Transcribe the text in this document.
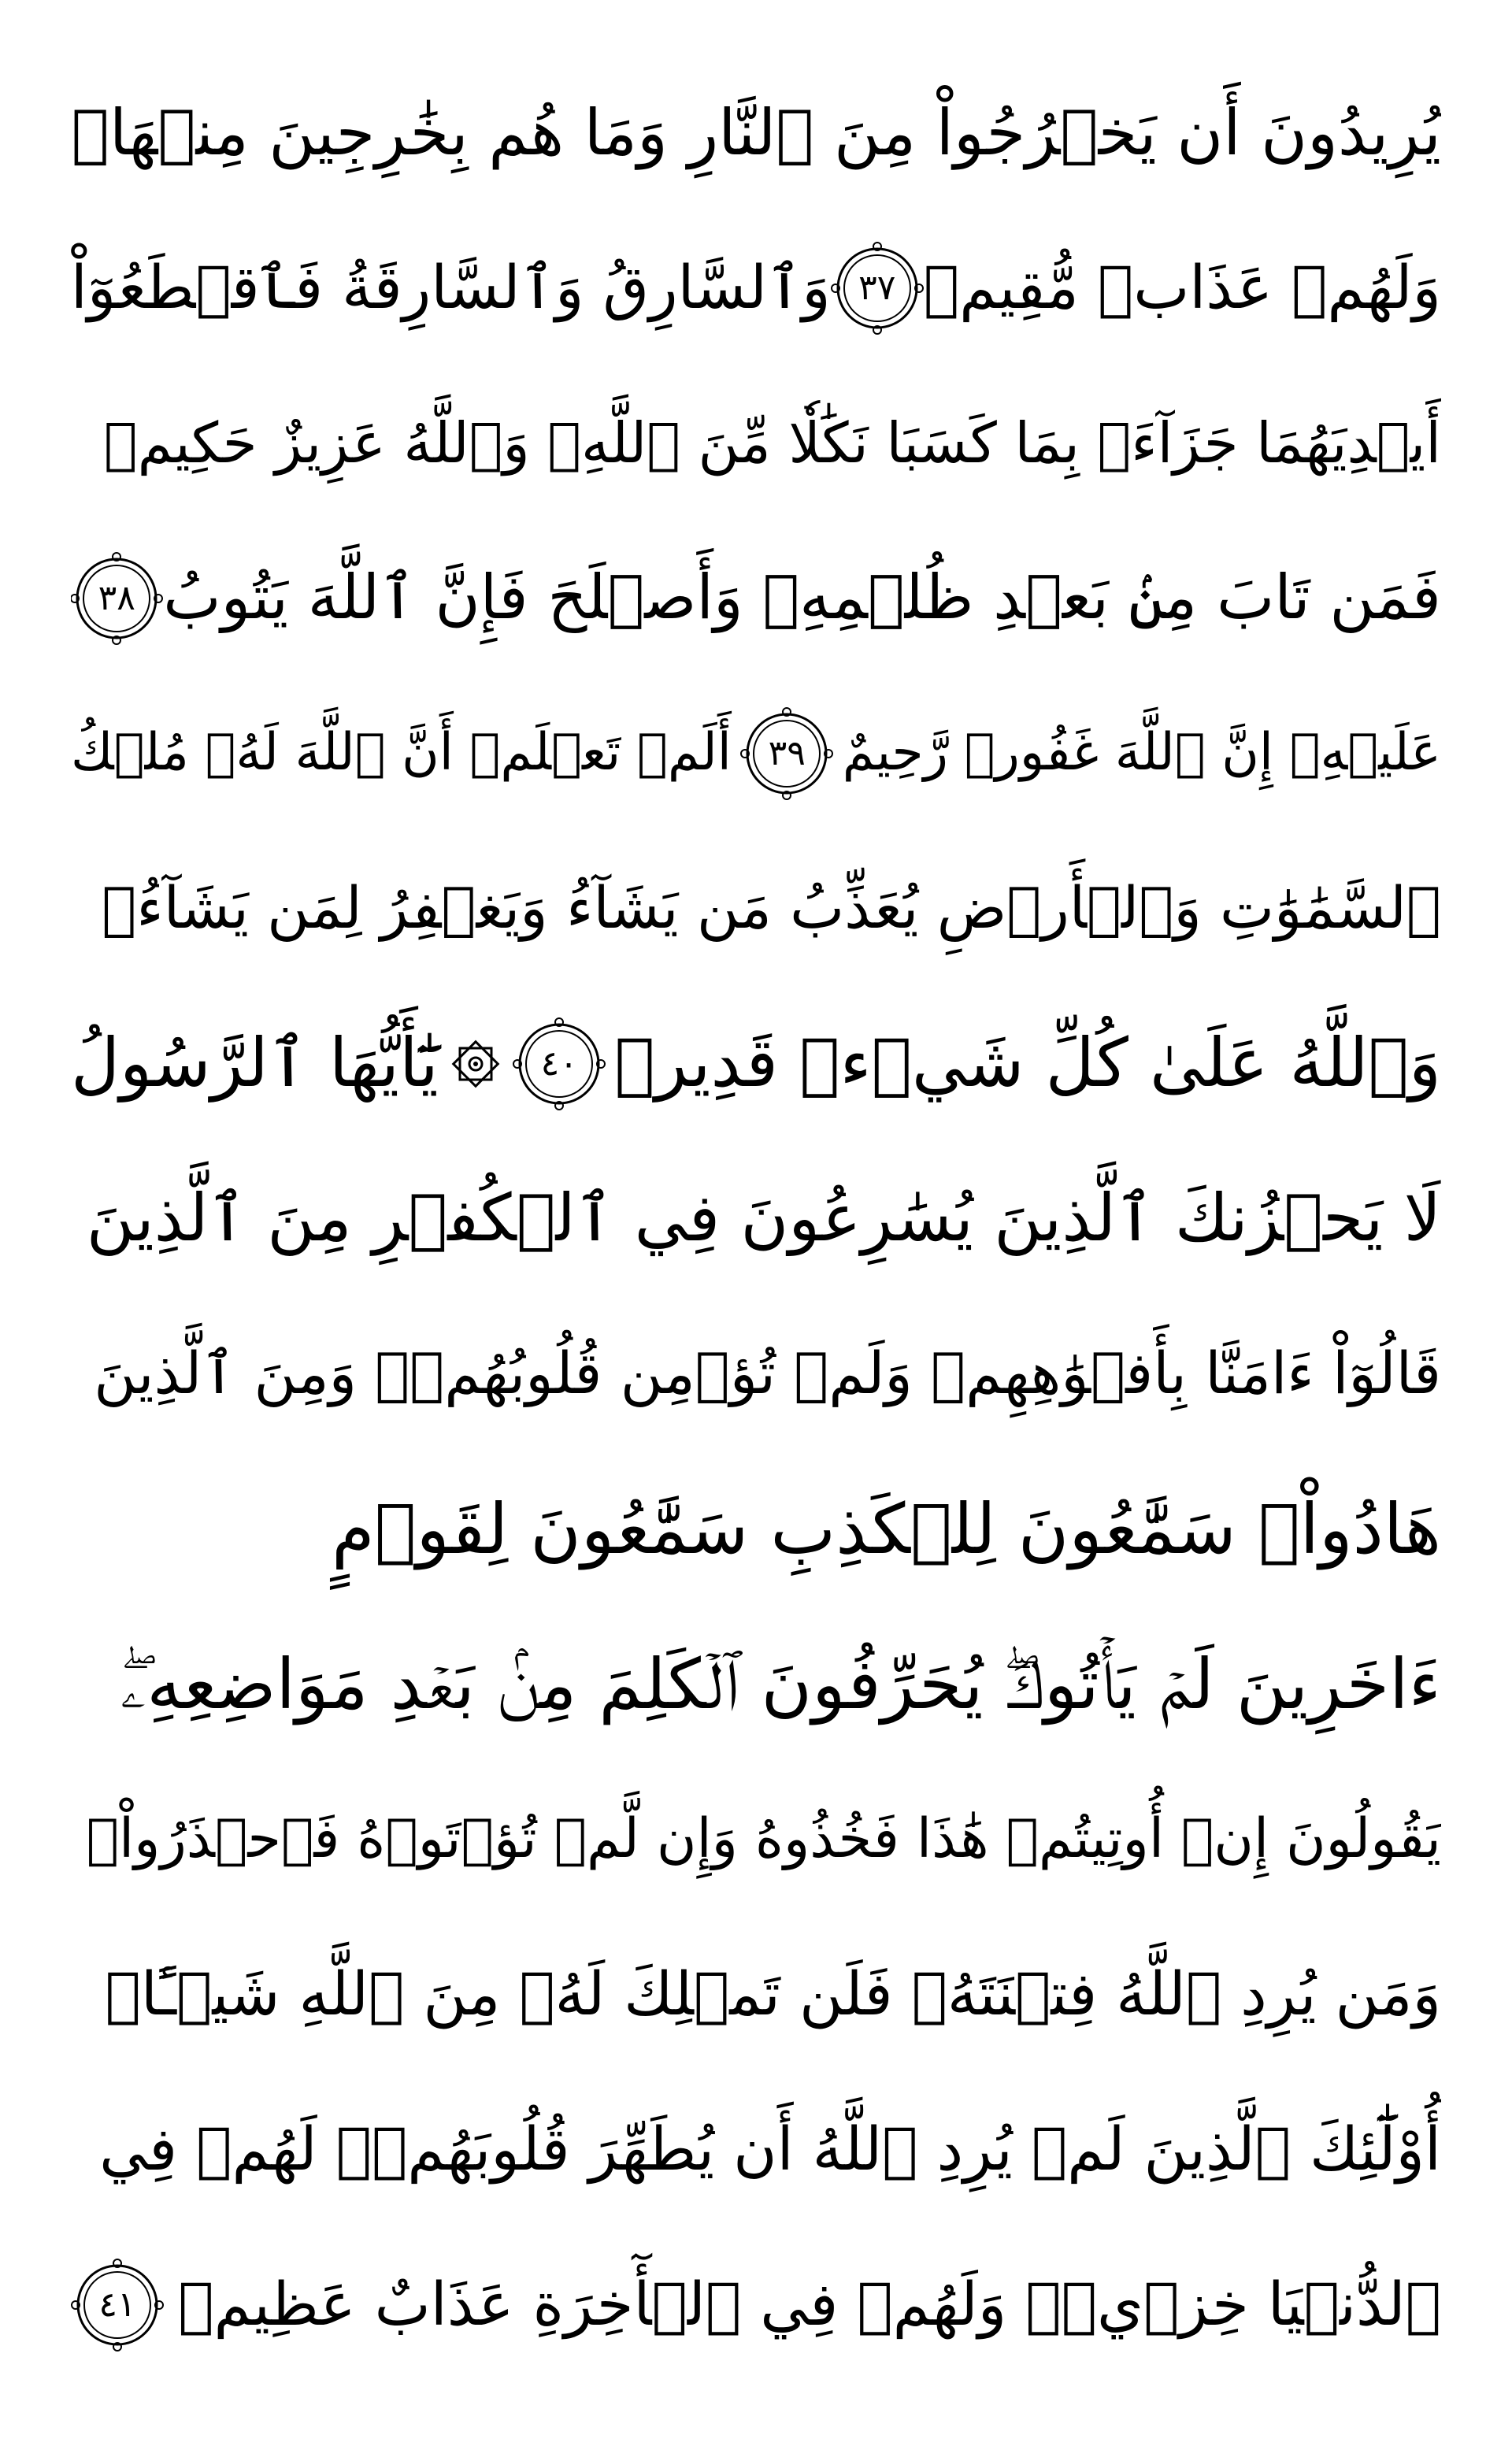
يُرِيدُونَ أَن يَخۡرُجُواْ مِنَ ٱلنَّارِ وَمَا هُم بِخَٰرِجِينَ مِنۡهَاۖ
وَلَهُمۡ عَذَابٞ مُّقِيمٞ
٣٧
وَٱلسَّارِقُ وَٱلسَّارِقَةُ فَٱقۡطَعُوٓاْ
أَيۡدِيَهُمَا جَزَآءَۢ بِمَا كَسَبَا نَكَٰلٗا مِّنَ ٱللَّهِۗ وَٱللَّهُ عَزِيزٌ حَكِيمٞ
فَمَن تَابَ مِنۢ بَعۡدِ ظُلۡمِهِۦ وَأَصۡلَحَ فَإِنَّ ٱللَّهَ يَتُوبُ
٣٨
عَلَيۡهِۗ إِنَّ ٱللَّهَ غَفُورٞ رَّحِيمٌ
٣٩
أَلَمۡ تَعۡلَمۡ أَنَّ ٱللَّهَ لَهُۥ مُلۡكُ
ٱلسَّمَٰوَٰتِ وَٱلۡأَرۡضِ يُعَذِّبُ مَن يَشَآءُ وَيَغۡفِرُ لِمَن يَشَآءُۗ
وَٱللَّهُ عَلَىٰ كُلِّ شَيۡءٖ قَدِيرٞ
٤٠
يَٰٓأَيُّهَا ٱلرَّسُولُ
لَا يَحۡزُنكَ ٱلَّذِينَ يُسَٰرِعُونَ فِي ٱلۡكُفۡرِ مِنَ ٱلَّذِينَ
قَالُوٓاْ ءَامَنَّا بِأَفۡوَٰهِهِمۡ وَلَمۡ تُؤۡمِن قُلُوبُهُمۡۛ وَمِنَ ٱلَّذِينَ
هَادُواْۛ سَمَّٰعُونَ لِلۡكَذِبِ سَمَّٰعُونَ لِقَوۡمٍ
ءَاخَرِينَ لَمۡ يَأۡتُوكَۖ يُحَرِّفُونَ ٱلۡكَلِمَ مِنۢ بَعۡدِ مَوَاضِعِهِۦۖ
يَقُولُونَ إِنۡ أُوتِيتُمۡ هَٰذَا فَخُذُوهُ وَإِن لَّمۡ تُؤۡتَوۡهُ فَٱحۡذَرُواْۚ
وَمَن يُرِدِ ٱللَّهُ فِتۡنَتَهُۥ فَلَن تَمۡلِكَ لَهُۥ مِنَ ٱللَّهِ شَيۡـًٔاۚ
أُوْلَٰٓئِكَ ٱلَّذِينَ لَمۡ يُرِدِ ٱللَّهُ أَن يُطَهِّرَ قُلُوبَهُمۡۚ لَهُمۡ فِي
ٱلدُّنۡيَا خِزۡيٞۖ وَلَهُمۡ فِي ٱلۡأٓخِرَةِ عَذَابٌ عَظِيمٞ
٤١
